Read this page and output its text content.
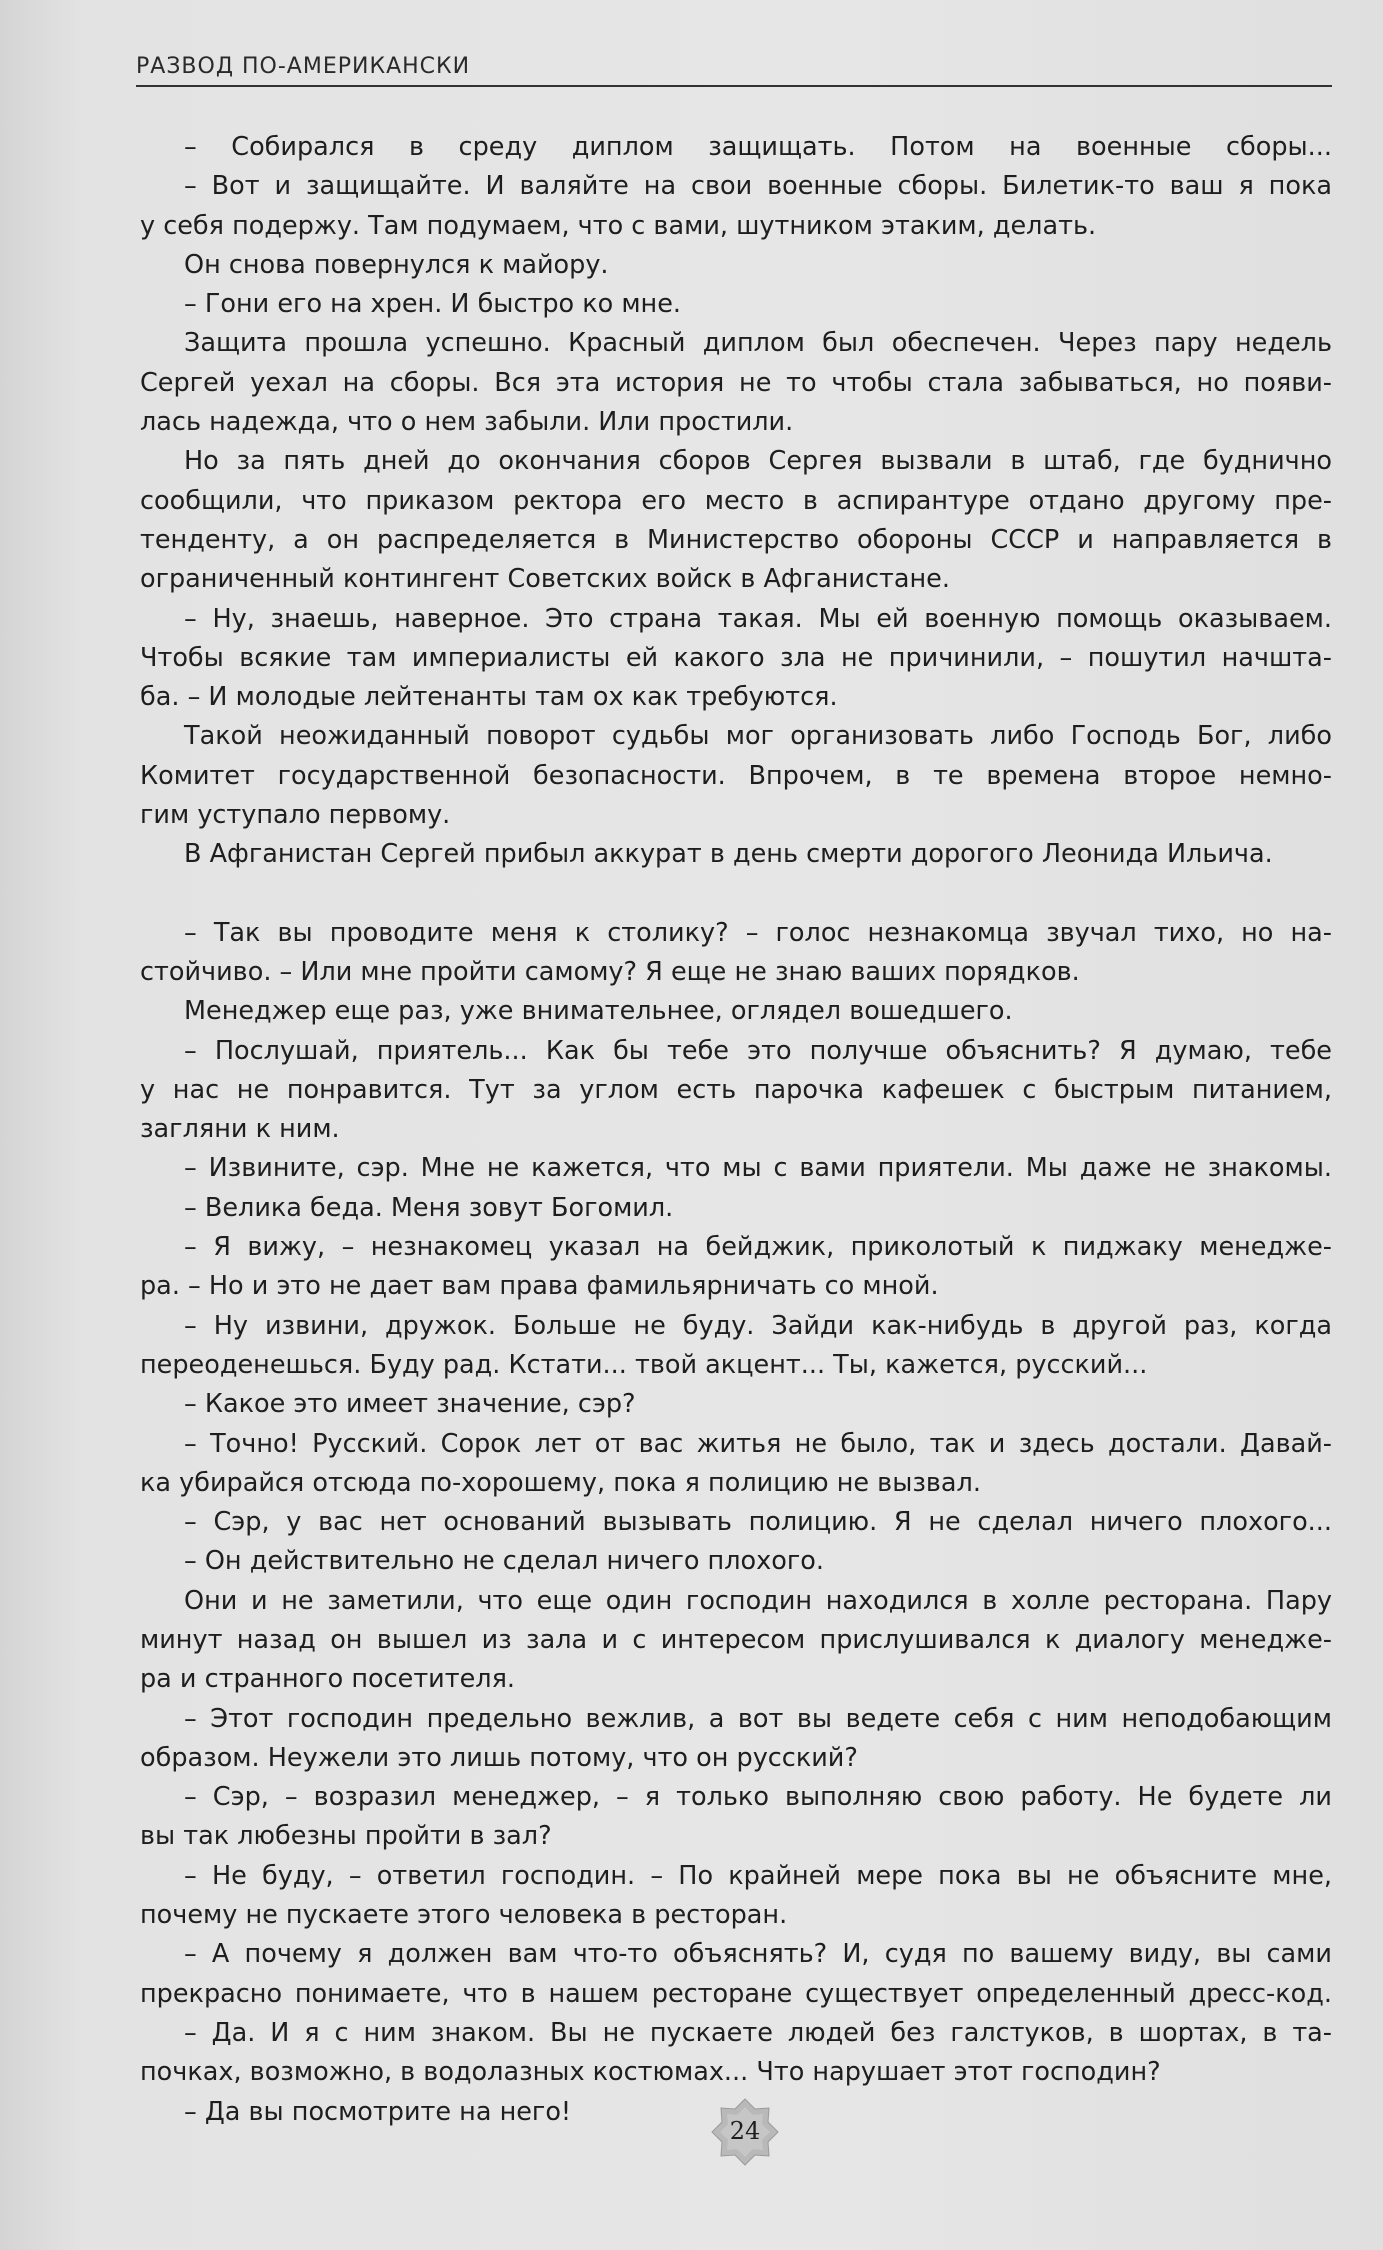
РАЗВОД ПО-АМЕРИКАНСКИ
– Собирался в среду диплом защищать. Потом на военные сборы...
– Вот и защищайте. И валяйте на свои военные сборы. Билетик-то ваш я пока
у себя подержу. Там подумаем, что с вами, шутником этаким, делать.
Он снова повернулся к майору.
– Гони его на хрен. И быстро ко мне.
Защита прошла успешно. Красный диплом был обеспечен. Через пару недель
Сергей уехал на сборы. Вся эта история не то чтобы стала забываться, но появи-
лась надежда, что о нем забыли. Или простили.
Но за пять дней до окончания сборов Сергея вызвали в штаб, где буднично
сообщили, что приказом ректора его место в аспирантуре отдано другому пре-
тенденту, а он распределяется в Министерство обороны СССР и направляется в
ограниченный контингент Советских войск в Афганистане.
– Ну, знаешь, наверное. Это страна такая. Мы ей военную помощь оказываем.
Чтобы всякие там империалисты ей какого зла не причинили, – пошутил начшта-
ба. – И молодые лейтенанты там ох как требуются.
Такой неожиданный поворот судьбы мог организовать либо Господь Бог, либо
Комитет государственной безопасности. Впрочем, в те времена второе немно-
гим уступало первому.
В Афганистан Сергей прибыл аккурат в день смерти дорогого Леонида Ильича.
– Так вы проводите меня к столику? – голос незнакомца звучал тихо, но на-
стойчиво. – Или мне пройти самому? Я еще не знаю ваших порядков.
Менеджер еще раз, уже внимательнее, оглядел вошедшего.
– Послушай, приятель... Как бы тебе это получше объяснить? Я думаю, тебе
у нас не понравится. Тут за углом есть парочка кафешек с быстрым питанием,
загляни к ним.
– Извините, сэр. Мне не кажется, что мы с вами приятели. Мы даже не знакомы.
– Велика беда. Меня зовут Богомил.
– Я вижу, – незнакомец указал на бейджик, приколотый к пиджаку менедже-
ра. – Но и это не дает вам права фамильярничать со мной.
– Ну извини, дружок. Больше не буду. Зайди как-нибудь в другой раз, когда
переоденешься. Буду рад. Кстати... твой акцент... Ты, кажется, русский...
– Какое это имеет значение, сэр?
– Точно! Русский. Сорок лет от вас житья не было, так и здесь достали. Давай-
ка убирайся отсюда по-хорошему, пока я полицию не вызвал.
– Сэр, у вас нет оснований вызывать полицию. Я не сделал ничего плохого...
– Он действительно не сделал ничего плохого.
Они и не заметили, что еще один господин находился в холле ресторана. Пару
минут назад он вышел из зала и с интересом прислушивался к диалогу менедже-
ра и странного посетителя.
– Этот господин предельно вежлив, а вот вы ведете себя с ним неподобающим
образом. Неужели это лишь потому, что он русский?
– Сэр, – возразил менеджер, – я только выполняю свою работу. Не будете ли
вы так любезны пройти в зал?
– Не буду, – ответил господин. – По крайней мере пока вы не объясните мне,
почему не пускаете этого человека в ресторан.
– А почему я должен вам что-то объяснять? И, судя по вашему виду, вы сами
прекрасно понимаете, что в нашем ресторане существует определенный дресс-код.
– Да. И я с ним знаком. Вы не пускаете людей без галстуков, в шортах, в та-
почках, возможно, в водолазных костюмах... Что нарушает этот господин?
– Да вы посмотрите на него!
24
